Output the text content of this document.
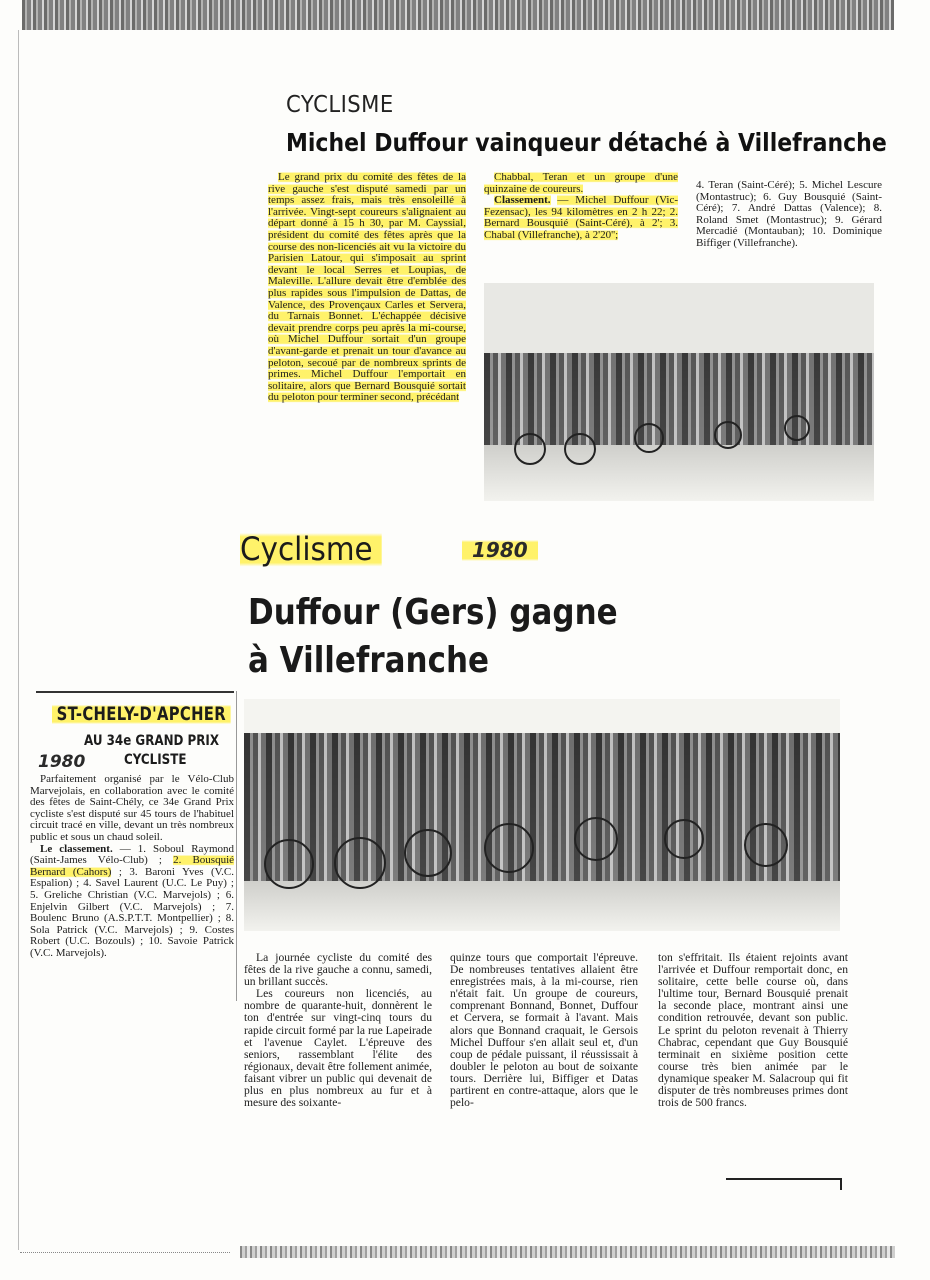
CYCLISME
Michel Duffour vainqueur détaché à Villefranche

Le grand prix du comité des fêtes de la rive gauche s'est disputé samedi par un temps assez frais, mais très ensoleillé à l'arrivée. Vingt-sept coureurs s'alignaient au départ donné à 15 h 30, par M. Cayssial, président du comité des fêtes après que la course des non-licenciés ait vu la victoire du Parisien Latour, qui s'imposait au sprint devant le local Serres et Loupias, de Maleville. L'allure devait être d'emblée des plus rapides sous l'impulsion de Dattas, de Valence, des Provençaux Carles et Servera, du Tarnais Bonnet. L'échappée décisive devait prendre corps peu après la mi-course, où Michel Duffour sortait d'un groupe d'avant-garde et prenait un tour d'avance au peloton, secoué par de nombreux sprints de primes. Michel Duffour l'emportait en solitaire, alors que Bernard Bousquié sortait du peloton pour terminer second, précédant

Chabbal, Teran et un groupe d'une quinzaine de coureurs.

Classement. — Michel Duffour (Vic-Fezensac), les 94 kilomètres en 2 h 22; 2. Bernard Bousquié (Saint-Céré), à 2'; 3. Chabal (Villefranche), à 2'20'';

4. Teran (Saint-Céré); 5. Michel Lescure (Montastruc); 6. Guy Bousquié (Saint-Céré); 7. André Dattas (Valence); 8. Roland Smet (Montastruc); 9. Gérard Mercadié (Montauban); 10. Dominique Biffiger (Villefranche).

Cyclisme	1980
Duffour (Gers) gagne
à Villefranche

La journée cycliste du comité des fêtes de la rive gauche a connu, samedi, un brillant succès.

Les coureurs non licenciés, au nombre de quarante-huit, donnèrent le ton d'entrée sur vingt-cinq tours du rapide circuit formé par la rue Lapeirade et l'avenue Caylet. L'épreuve des seniors, rassemblant l'élite des régionaux, devait être follement animée, faisant vibrer un public qui devenait de plus en plus nombreux au fur et à mesure des soixante-

quinze tours que comportait l'épreuve. De nombreuses tentatives allaient être enregistrées mais, à la mi-course, rien n'était fait. Un groupe de coureurs, comprenant Bonnand, Bonnet, Duffour et Cervera, se formait à l'avant. Mais alors que Bonnand craquait, le Gersois Michel Duffour s'en allait seul et, d'un coup de pédale puissant, il réussissait à doubler le peloton au bout de soixante tours. Derrière lui, Biffiger et Datas partirent en contre-attaque, alors que le pelo-

ton s'effritait. Ils étaient rejoints avant l'arrivée et Duffour remportait donc, en solitaire, cette belle course où, dans l'ultime tour, Bernard Bousquié prenait la seconde place, montrant ainsi une condition retrouvée, devant son public. Le sprint du peloton revenait à Thierry Chabrac, cependant que Guy Bousquié terminait en sixième position cette course très bien animée par le dynamique speaker M. Salacroup qui fit disputer de très nombreuses primes dont trois de 500 francs.

ST-CHELY-D'APCHER
AU 34e GRAND PRIX
1980	CYCLISTE

Parfaitement organisé par le Vélo-Club Marvejolais, en collaboration avec le comité des fêtes de Saint-Chély, ce 34e Grand Prix cycliste s'est disputé sur 45 tours de l'habituel circuit tracé en ville, devant un très nombreux public et sous un chaud soleil.

Le classement. — 1. Soboul Raymond (Saint-James Vélo-Club) ; 2. Bousquié Bernard (Cahors) ; 3. Baroni Yves (V.C. Espalion) ; 4. Savel Laurent (U.C. Le Puy) ; 5. Greliche Christian (V.C. Marvejols) ; 6. Enjelvin Gilbert (V.C. Marvejols) ; 7. Boulenc Bruno (A.S.P.T.T. Montpellier) ; 8. Sola Patrick (V.C. Marvejols) ; 9. Costes Robert (U.C. Bozouls) ; 10. Savoie Patrick (V.C. Marvejols).
